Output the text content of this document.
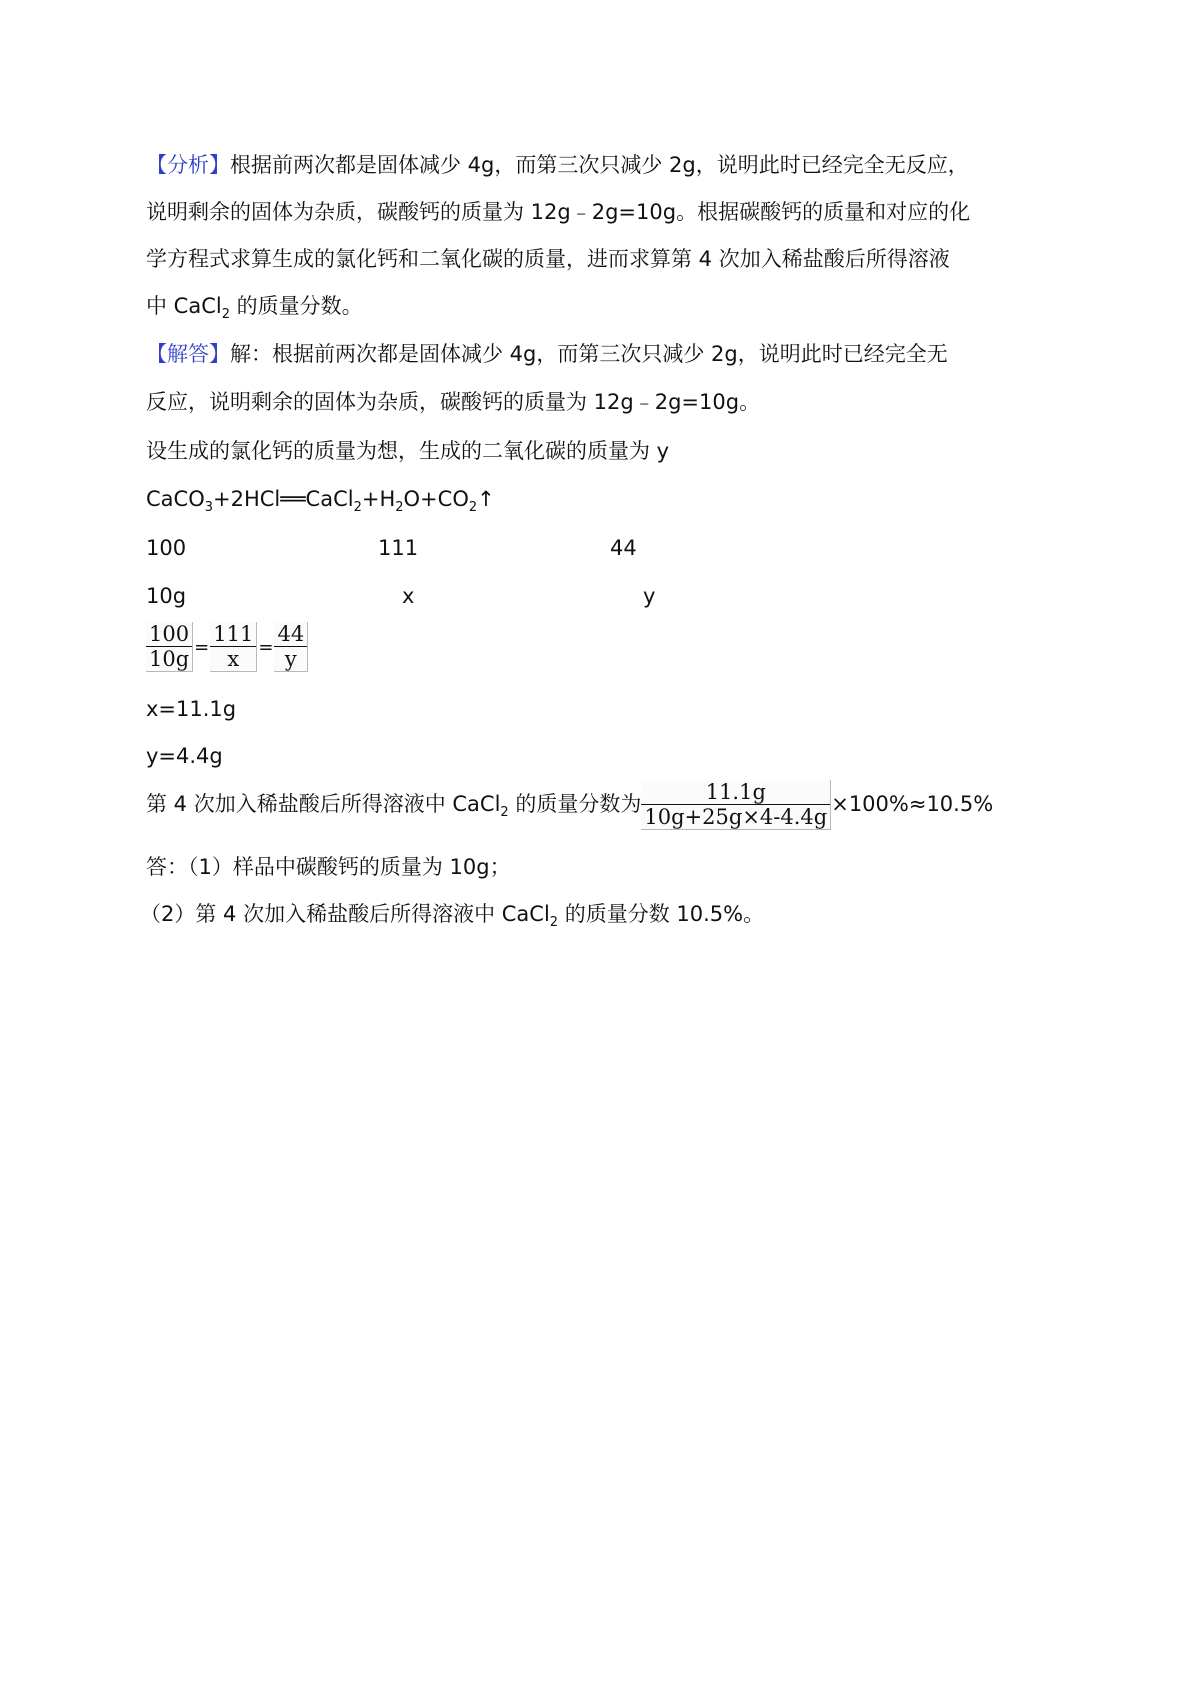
【分析】根据前两次都是固体减少 4g，而第三次只减少 2g，说明此时已经完全无反应，
说明剩余的固体为杂质，碳酸钙的质量为 12g﹣2g=10g。根据碳酸钙的质量和对应的化
学方程式求算生成的氯化钙和二氧化碳的质量，进而求算第 4 次加入稀盐酸后所得溶液
中 CaCl$_2$ 的质量分数。
【解答】解：根据前两次都是固体减少 4g，而第三次只减少 2g，说明此时已经完全无
反应，说明剩余的固体为杂质，碳酸钙的质量为 12g﹣2g=10g。
设生成的氯化钙的质量为想，生成的二氧化碳的质量为 y
$CaCO_3+2HCl══CaCl_2+H_2O+CO_2↑$
100	111	44
10g	x	y
$\frac{100}{10g} = \frac{111}{x} = \frac{44}{y}$
x=11.1g
y=4.4g
第 4 次加入稀盐酸后所得溶液中 CaCl$_2$ 的质量分数为 $\frac{11.1g}{10g+25g\times 4-4.4g} \times 100\%\approx 10.5\%$
答：（1）样品中碳酸钙的质量为 10g；
（2）第 4 次加入稀盐酸后所得溶液中 CaCl$_2$ 的质量分数 10.5%。
